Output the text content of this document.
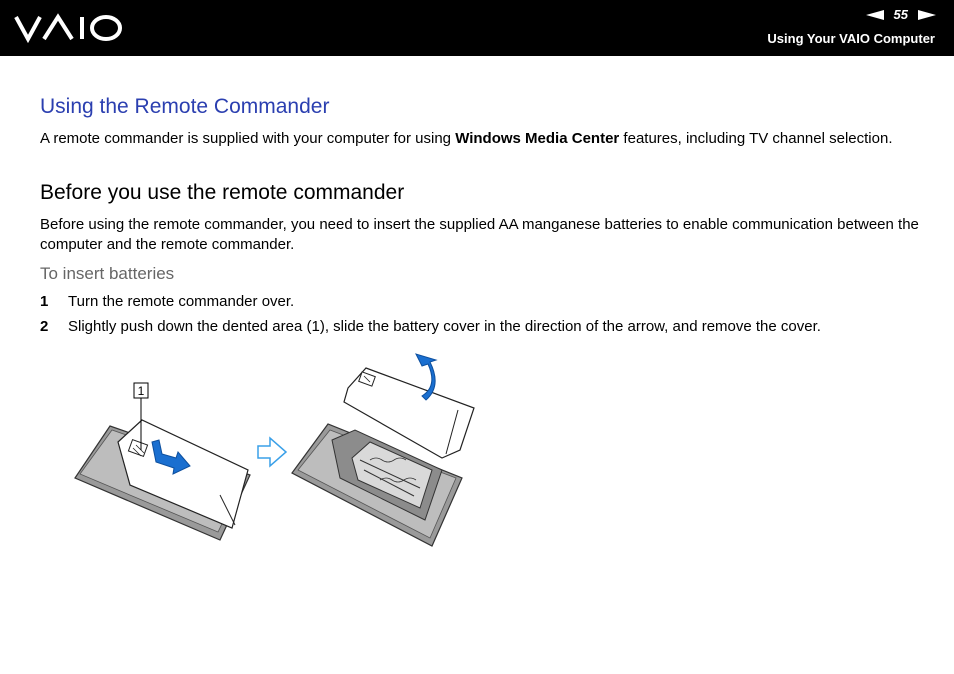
55
Using Your VAIO Computer
Using the Remote Commander

A remote commander is supplied with your computer for using Windows Media Center features, including TV channel selection.

Before you use the remote commander

Before using the remote commander, you need to insert the supplied AA manganese batteries to enable communication between the computer and the remote commander.

To insert batteries
1	Turn the remote commander over.
2	Slightly push down the dented area (1), slide the battery cover in the direction of the arrow, and remove the cover.
1
